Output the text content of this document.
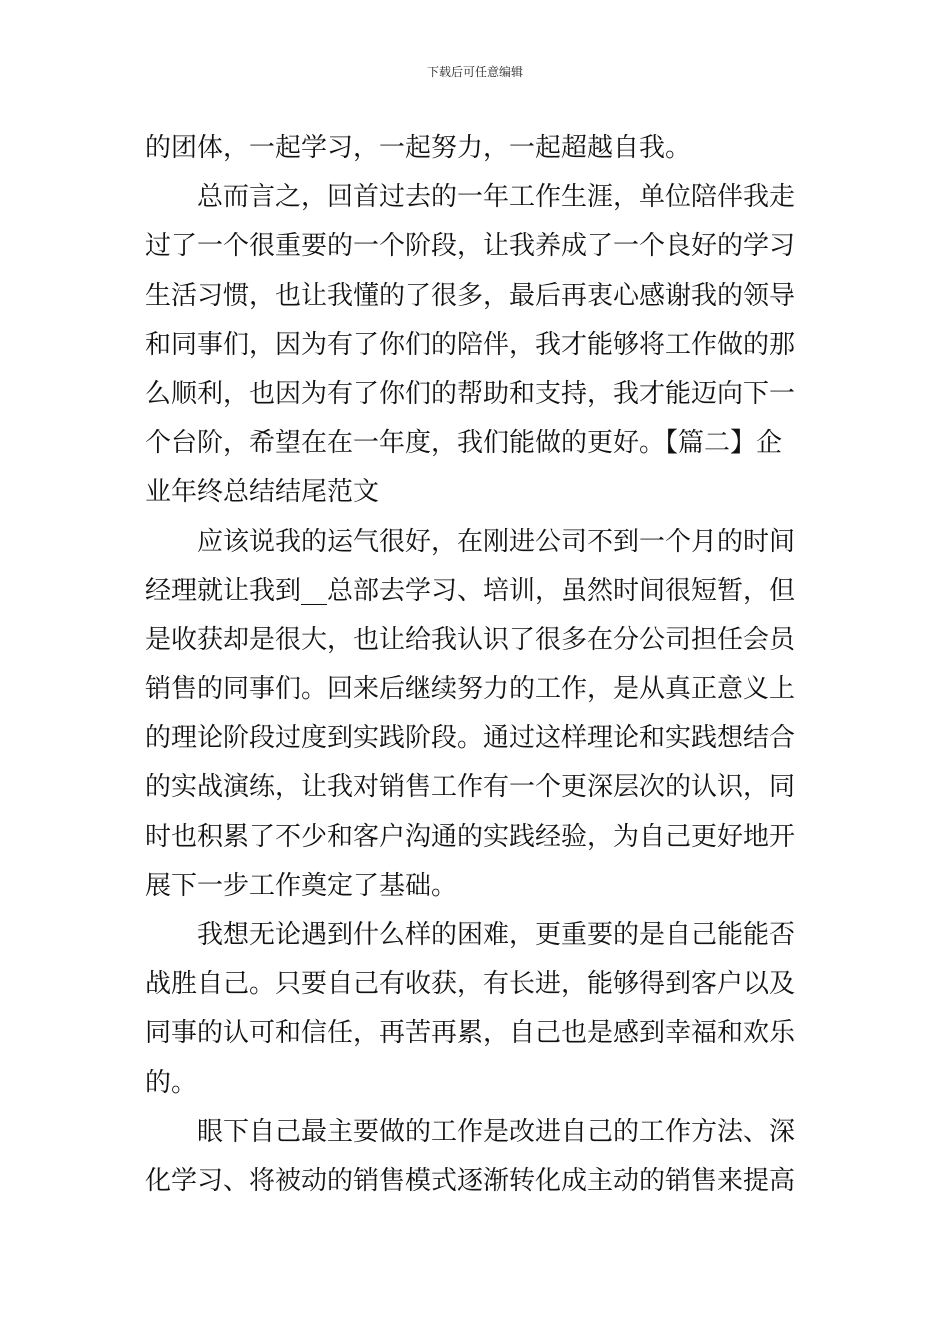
下载后可任意编辑
的团体，一起学习，一起努力，一起超越自我。
总而言之，回首过去的一年工作生涯，单位陪伴我走
过了一个很重要的一个阶段，让我养成了一个良好的学习
生活习惯，也让我懂的了很多，最后再衷心感谢我的领导
和同事们，因为有了你们的陪伴，我才能够将工作做的那
么顺利，也因为有了你们的帮助和支持，我才能迈向下一
个台阶，希望在在一年度，我们能做的更好。【篇二】企
业年终总结结尾范文
应该说我的运气很好，在刚进公司不到一个月的时间
经理就让我到__总部去学习、培训，虽然时间很短暂，但
是收获却是很大，也让给我认识了很多在分公司担任会员
销售的同事们。回来后继续努力的工作，是从真正意义上
的理论阶段过度到实践阶段。通过这样理论和实践想结合
的实战演练，让我对销售工作有一个更深层次的认识，同
时也积累了不少和客户沟通的实践经验，为自己更好地开
展下一步工作奠定了基础。
我想无论遇到什么样的困难，更重要的是自己能能否
战胜自己。只要自己有收获，有长进，能够得到客户以及
同事的认可和信任，再苦再累，自己也是感到幸福和欢乐
的。
眼下自己最主要做的工作是改进自己的工作方法、深
化学习、将被动的销售模式逐渐转化成主动的销售来提高
